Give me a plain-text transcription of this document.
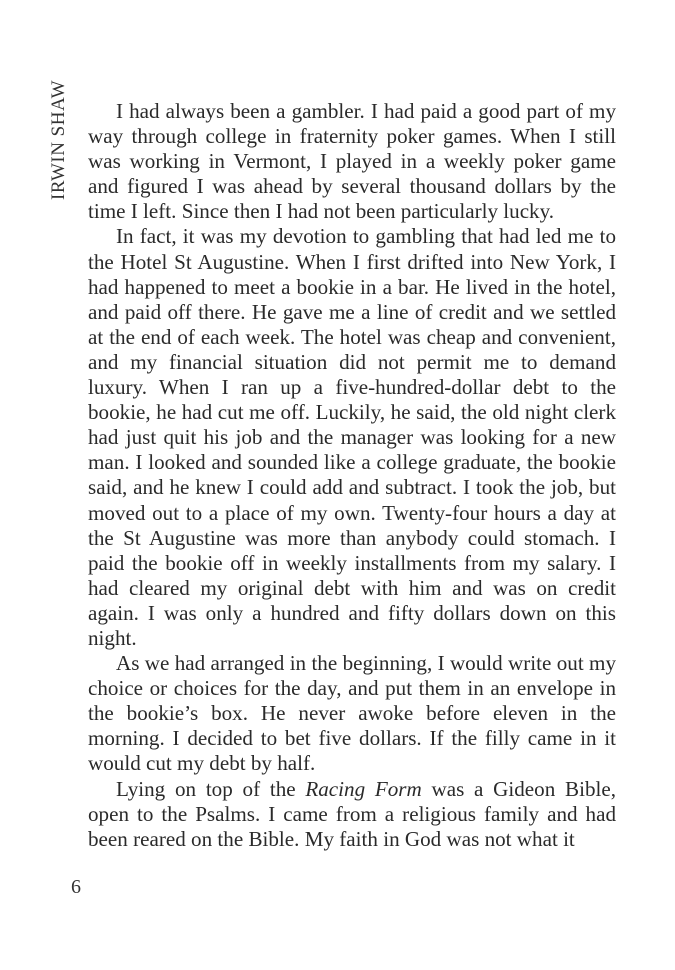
IRWIN SHAW	I had always been a gambler. I had paid a good part of my way through college in fraternity poker games. When I still was working in Vermont, I played in a weekly poker game and figured I was ahead by several thousand dollars by the time I left. Since then I had not been particularly lucky.

In fact, it was my devotion to gambling that had led me to the Hotel St Augustine. When I first drifted into New York, I had happened to meet a bookie in a bar. He lived in the hotel, and paid off there. He gave me a line of credit and we settled at the end of each week. The hotel was cheap and convenient, and my financial situation did not permit me to demand luxury. When I ran up a five-hundred-dollar debt to the bookie, he had cut me off. Luckily, he said, the old night clerk had just quit his job and the manager was looking for a new man. I looked and sounded like a college graduate, the bookie said, and he knew I could add and subtract. I took the job, but moved out to a place of my own. Twenty-four hours a day at the St Augustine was more than anybody could stomach. I paid the bookie off in weekly installments from my salary. I had cleared my original debt with him and was on credit again. I was only a hundred and fifty dollars down on this night.

As we had arranged in the beginning, I would write out my choice or choices for the day, and put them in an envelope in the bookie’s box. He never awoke before eleven in the morning. I decided to bet five dollars. If the filly came in it would cut my debt by half.

Lying on top of the Racing Form was a Gideon Bible, open to the Psalms. I came from a religious family and had been reared on the Bible. My faith in God was not what it

6
